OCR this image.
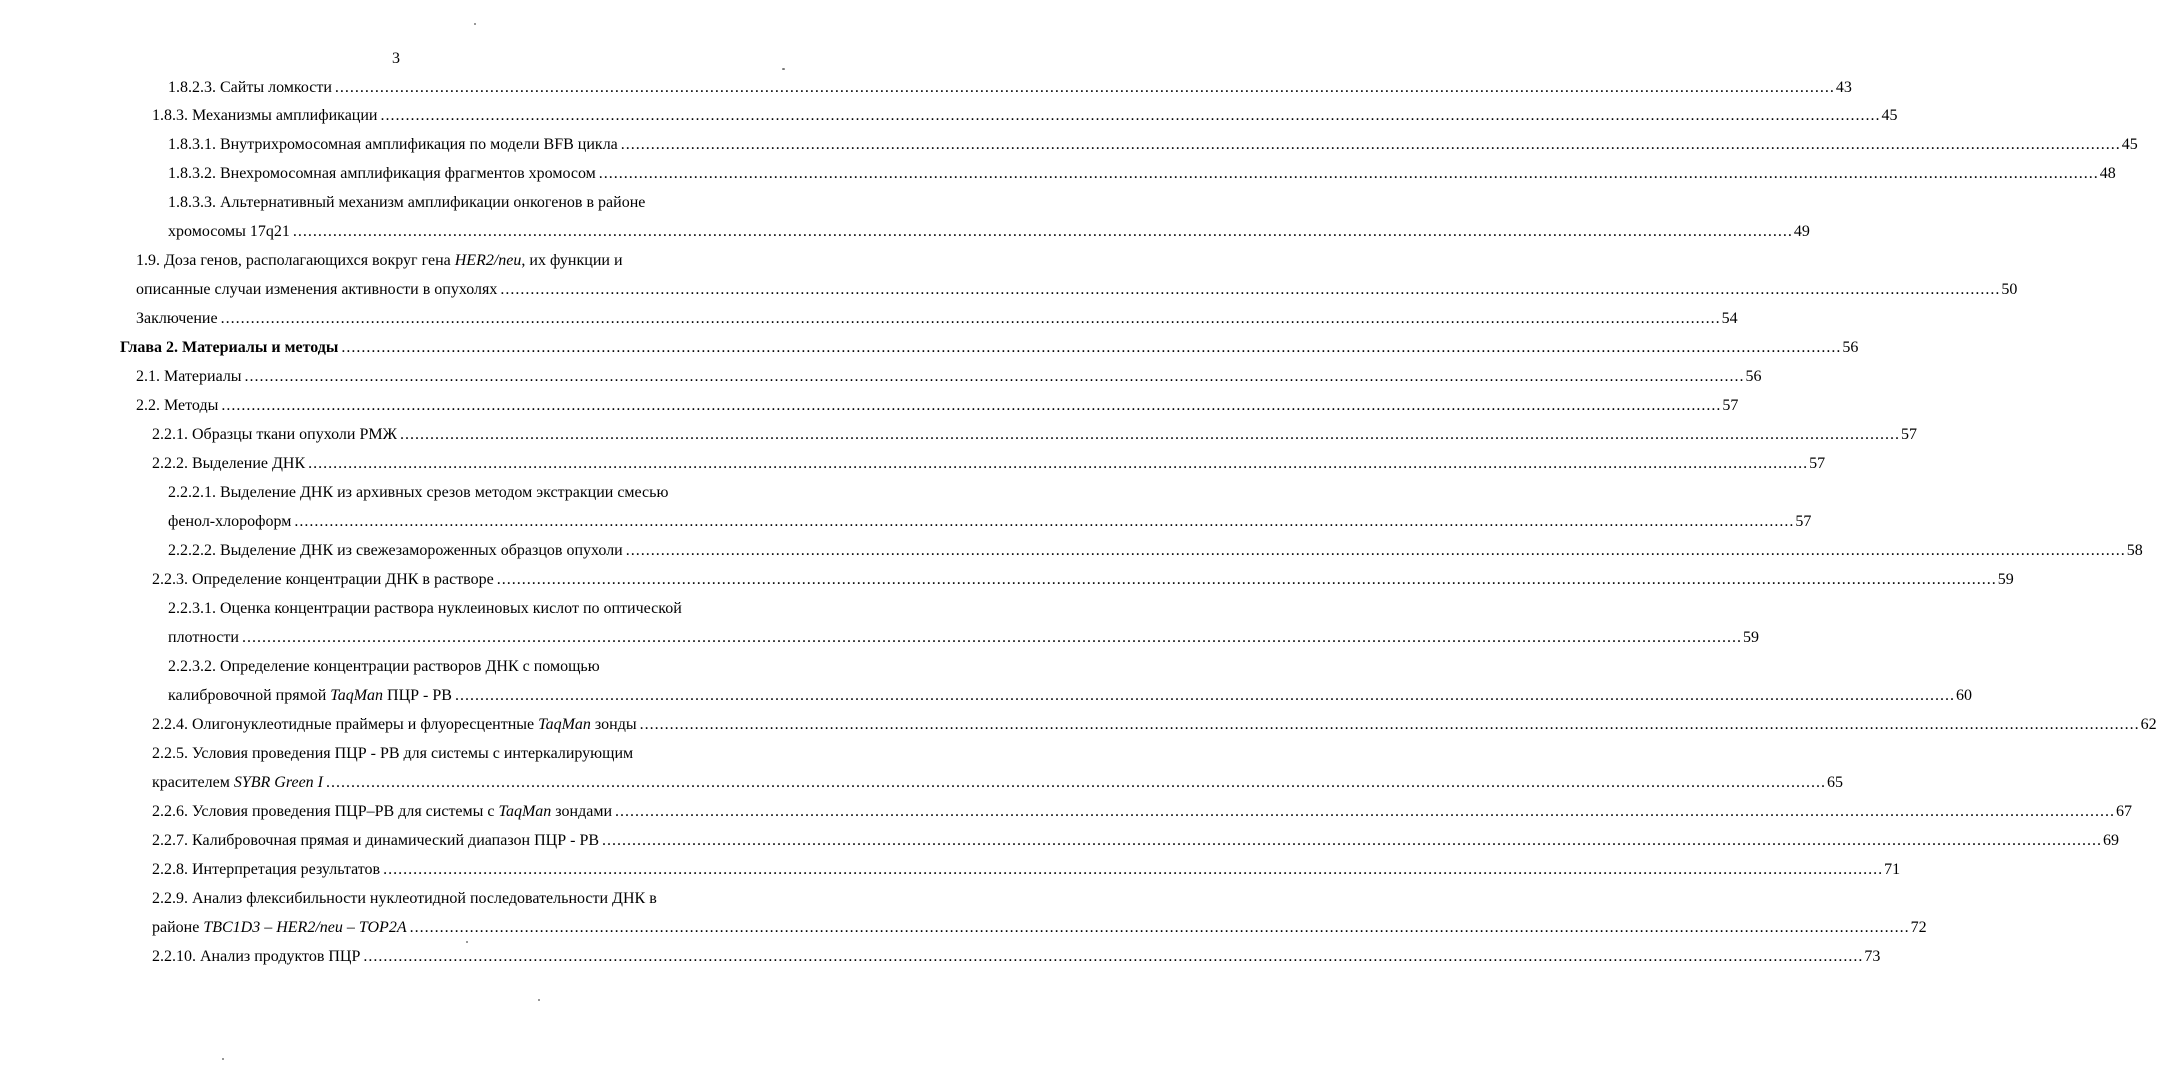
3
1.8.2.3. Сайты ломкости ............................................................................................................................................................................................................................................................................................................ 43
1.8.3. Механизмы амплификации ............................................................................................................................................................................................................................................................................................................ 45
1.8.3.1. Внутрихромосомная амплификация по модели BFB цикла ............................................................................................................................................................................................................................................................................................................ 45
1.8.3.2. Внехромосомная амплификация фрагментов хромосом ............................................................................................................................................................................................................................................................................................................ 48
1.8.3.3. Альтернативный механизм амплификации онкогенов в районе
хромосомы 17q21 ............................................................................................................................................................................................................................................................................................................ 49
1.9. Доза генов, располагающихся вокруг гена HER2/neu, их функции и
описанные случаи изменения активности в опухолях ............................................................................................................................................................................................................................................................................................................ 50
Заключение ............................................................................................................................................................................................................................................................................................................ 54
Глава 2. Материалы и методы ............................................................................................................................................................................................................................................................................................................ 56
2.1. Материалы ............................................................................................................................................................................................................................................................................................................ 56
2.2. Методы ............................................................................................................................................................................................................................................................................................................ 57
2.2.1. Образцы ткани опухоли РМЖ ............................................................................................................................................................................................................................................................................................................ 57
2.2.2. Выделение ДНК ............................................................................................................................................................................................................................................................................................................ 57
2.2.2.1. Выделение ДНК из архивных срезов методом экстракции смесью
фенол-хлороформ ............................................................................................................................................................................................................................................................................................................ 57
2.2.2.2. Выделение ДНК из свежезамороженных образцов опухоли ............................................................................................................................................................................................................................................................................................................ 58
2.2.3. Определение концентрации ДНК в растворе ............................................................................................................................................................................................................................................................................................................ 59
2.2.3.1. Оценка концентрации раствора нуклеиновых кислот по оптической
плотности ............................................................................................................................................................................................................................................................................................................ 59
2.2.3.2. Определение концентрации растворов ДНК с помощью
калибровочной прямой TaqMan ПЦР - РВ ............................................................................................................................................................................................................................................................................................................ 60
2.2.4. Олигонуклеотидные праймеры и флуоресцентные TaqMan зонды ............................................................................................................................................................................................................................................................................................................ 62
2.2.5. Условия проведения ПЦР - РВ для системы с интеркалирующим
красителем SYBR Green I ............................................................................................................................................................................................................................................................................................................ 65
2.2.6. Условия проведения ПЦР–РВ для системы с TaqMan зондами ............................................................................................................................................................................................................................................................................................................ 67
2.2.7. Калибровочная прямая и динамический диапазон ПЦР - РВ ............................................................................................................................................................................................................................................................................................................ 69
2.2.8. Интерпретация результатов ............................................................................................................................................................................................................................................................................................................ 71
2.2.9. Анализ флексибильности нуклеотидной последовательности ДНК в
районе TBC1D3 – HER2/neu – TOP2A ............................................................................................................................................................................................................................................................................................................ 72
2.2.10. Анализ продуктов ПЦР ............................................................................................................................................................................................................................................................................................................ 73
